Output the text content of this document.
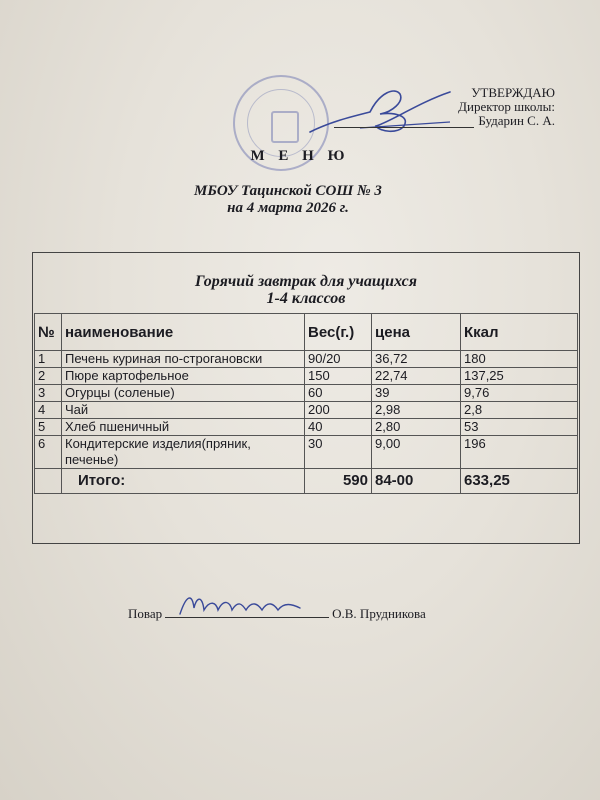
УТВЕРЖДАЮ
Директор школы:
Бударин С. А.
М Е Н Ю
МБОУ Тацинской СОШ № 3
на 4 марта 2026 г.
Горячий завтрак для учащихся
1-4 классов
№	наименование	Вес(г.)	цена	Ккал
1	Печень куриная по-строгановски	90/20	36,72	180
2	Пюре картофельное	150	22,74	137,25
3	Огурцы (соленые)	60	39	9,76
4	Чай	200	2,98	2,8
5	Хлеб пшеничный	40	2,80	53
6	Кондитерские изделия(пряник, печенье)	30	9,00	196
	Итого:	590	84-00	633,25
Повар	О.В. Прудникова
